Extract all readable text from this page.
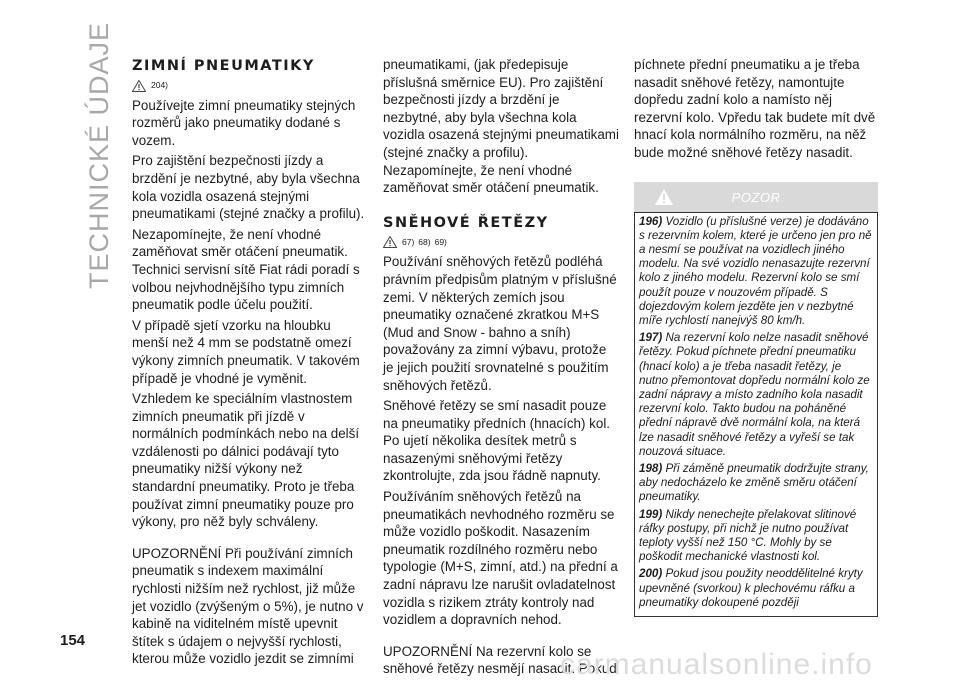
TECHNICKÉ ÚDAJE ZIMNÍ PNEUMATIKY
204)

Používejte zimní pneumatiky stejných rozměrů jako pneumatiky dodané s vozem.

Pro zajištění bezpečnosti jízdy a brzdění je nezbytné, aby byla všechna kola vozidla osazená stejnými pneumatikami (stejné značky a profilu).

Nezapomínejte, že není vhodné zaměňovat směr otáčení pneumatik. Technici servisní sítě Fiat rádi poradí s volbou nejvhodnějšího typu zimních pneumatik podle účelu použití.

V případě sjetí vzorku na hloubku menší než 4 mm se podstatně omezí výkony zimních pneumatik. V takovém případě je vhodné je vyměnit.

Vzhledem ke speciálním vlastnostem zimních pneumatik při jízdě v normálních podmínkách nebo na delší vzdálenosti po dálnici podávají tyto pneumatiky nižší výkony než standardní pneumatiky. Proto je třeba používat zimní pneumatiky pouze pro výkony, pro něž byly schváleny.

UPOZORNĚNÍ Při používání zimních pneumatik s indexem maximální rychlosti nižším než rychlost, již může jet vozidlo (zvýšeným o 5%), je nutno v kabině na viditelném místě upevnit štítek s údajem o nejvyšší rychlosti, kterou může vozidlo jezdit se zimními

pneumatikami, (jak předepisuje příslušná směrnice EU). Pro zajištění bezpečnosti jízdy a brzdění je nezbytné, aby byla všechna kola vozidla osazená stejnými pneumatikami (stejné značky a profilu). Nezapomínejte, že není vhodné zaměňovat směr otáčení pneumatik.

SNĚHOVÉ ŘETĚZY
67) 68) 69)

Používání sněhových řetězů podléhá právním předpisům platným v příslušné zemi. V některých zemích jsou pneumatiky označené zkratkou M+S (Mud and Snow - bahno a sníh) považovány za zimní výbavu, protože je jejich použití srovnatelné s použitím sněhových řetězů.

Sněhové řetězy se smí nasadit pouze na pneumatiky předních (hnacích) kol. Po ujetí několika desítek metrů s nasazenými sněhovými řetězy zkontrolujte, zda jsou řádně napnuty.

Používáním sněhových řetězů na pneumatikách nevhodného rozměru se může vozidlo poškodit. Nasazením pneumatik rozdílného rozměru nebo typologie (M+S, zimní, atd.) na přední a zadní nápravu lze narušit ovladatelnost vozidla s rizikem ztráty kontroly nad vozidlem a dopravních nehod.

UPOZORNĚNÍ Na rezervní kolo se sněhové řetězy nesmějí nasadit. Pokud

píchnete přední pneumatiku a je třeba nasadit sněhové řetězy, namontujte dopředu zadní kolo a namísto něj rezervní kolo. Vpředu tak budete mít dvě hnací kola normálního rozměru, na něž bude možné sněhové řetězy nasadit.

POZOR

196) Vozidlo (u příslušné verze) je dodáváno s rezervním kolem, které je určeno jen pro ně a nesmí se používat na vozidlech jiného modelu. Na své vozidlo nenasazujte rezervní kolo z jiného modelu. Rezervní kolo se smí použít pouze v nouzovém případě. S dojezdovým kolem jezděte jen v nezbytné míře rychlostí nanejvýš 80 km/h.

197) Na rezervní kolo nelze nasadit sněhové řetězy. Pokud píchnete přední pneumatiku (hnací kolo) a je třeba nasadit řetězy, je nutno přemontovat dopředu normální kolo ze zadní nápravy a místo zadního kola nasadit rezervní kolo. Takto budou na poháněné přední nápravě dvě normální kola, na která lze nasadit sněhové řetězy a vyřeší se tak nouzová situace.

198) Při záměně pneumatik dodržujte strany, aby nedocházelo ke změně směru otáčení pneumatiky.

199) Nikdy nenechejte přelakovat slitinové ráfky postupy, při nichž je nutno používat teploty vyšší než 150 °C. Mohly by se poškodit mechanické vlastnosti kol.

200) Pokud jsou použity neoddělitelné kryty upevněné (svorkou) k plechovému ráfku a pneumatiky dokoupené později

154
carmanualsonline.info
